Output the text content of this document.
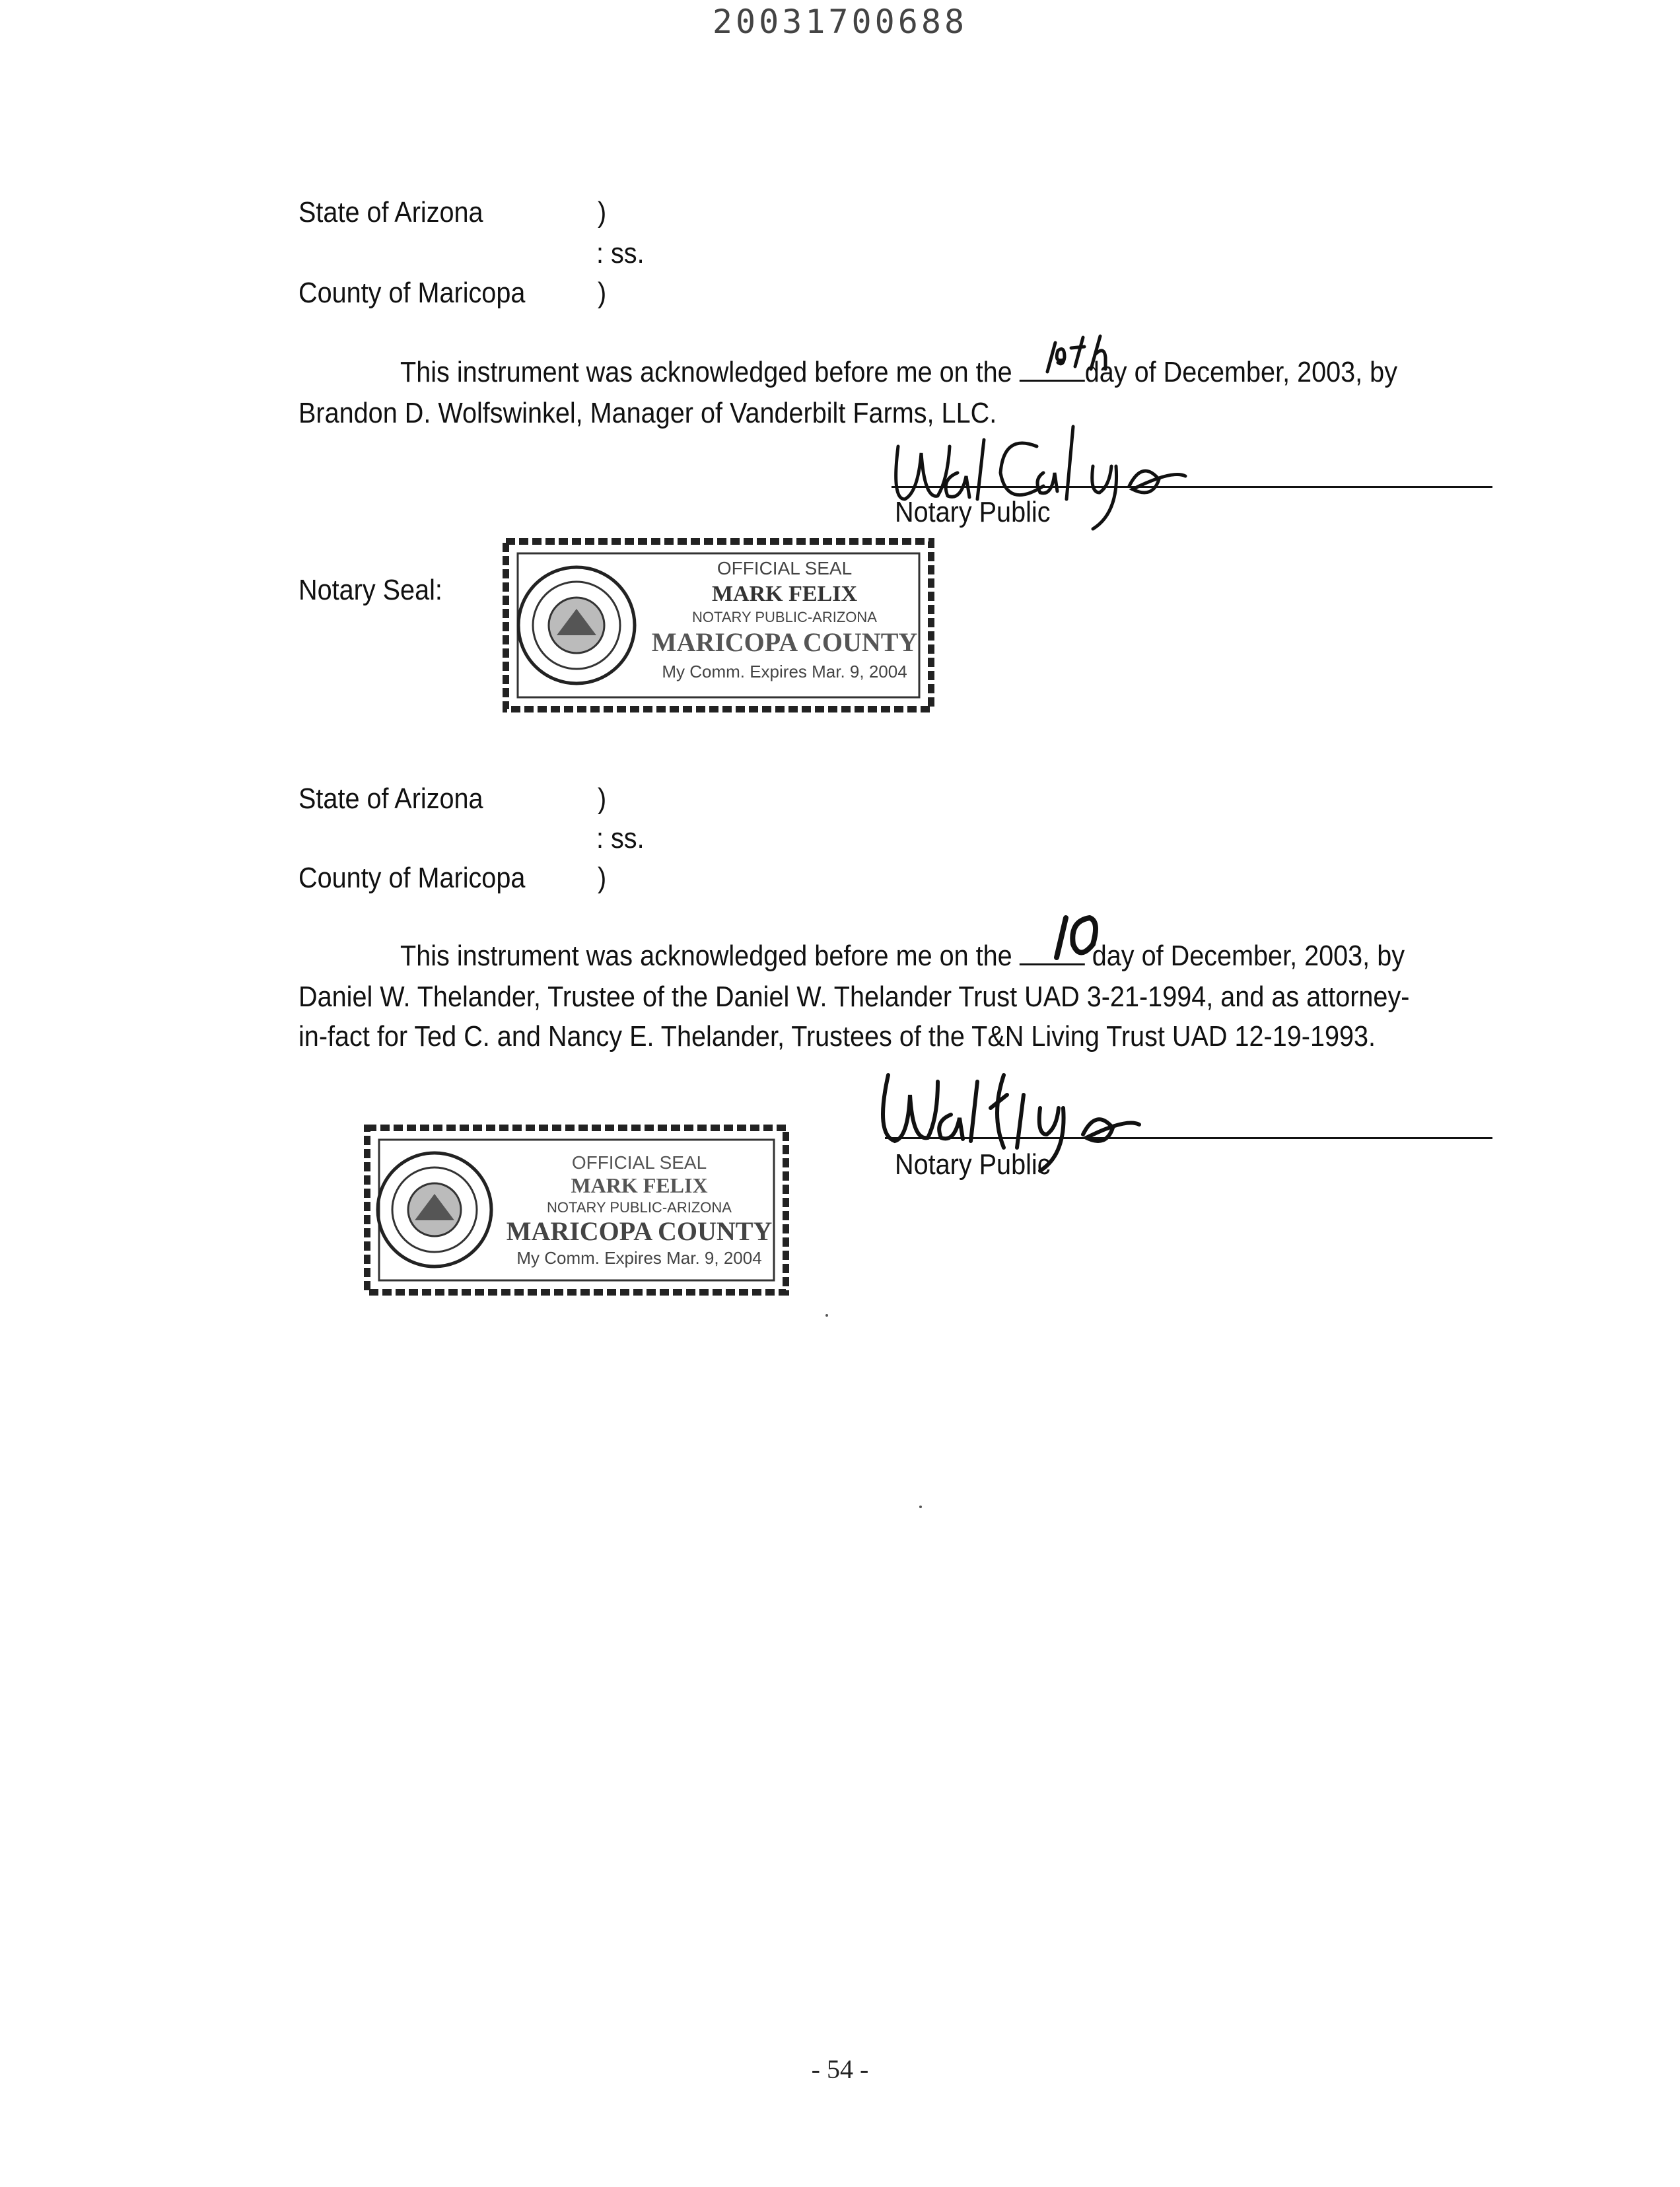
20031700688
State of Arizona	)
: ss.
County of Maricopa )
This instrument was acknowledged before me on the	day of December, 2003, by
Brandon D. Wolfswinkel, Manager of Vanderbilt Farms, LLC.
Notary Public
Notary Seal:
OFFICIAL SEAL
MARK FELIX
NOTARY PUBLIC-ARIZONA
MARICOPA COUNTY
My Comm. Expires Mar. 9, 2004
State of Arizona	)
: ss.
County of Maricopa )
This instrument was acknowledged before me on the	day of December, 2003, by
Daniel W. Thelander, Trustee of the Daniel W. Thelander Trust UAD 3-21-1994, and as attorney-
in-fact for Ted C. and Nancy E. Thelander, Trustees of the T&N Living Trust UAD 12-19-1993.
Notary Public
OFFICIAL SEAL
MARK FELIX
NOTARY PUBLIC-ARIZONA
MARICOPA COUNTY
My Comm. Expires Mar. 9, 2004
- 54 -
